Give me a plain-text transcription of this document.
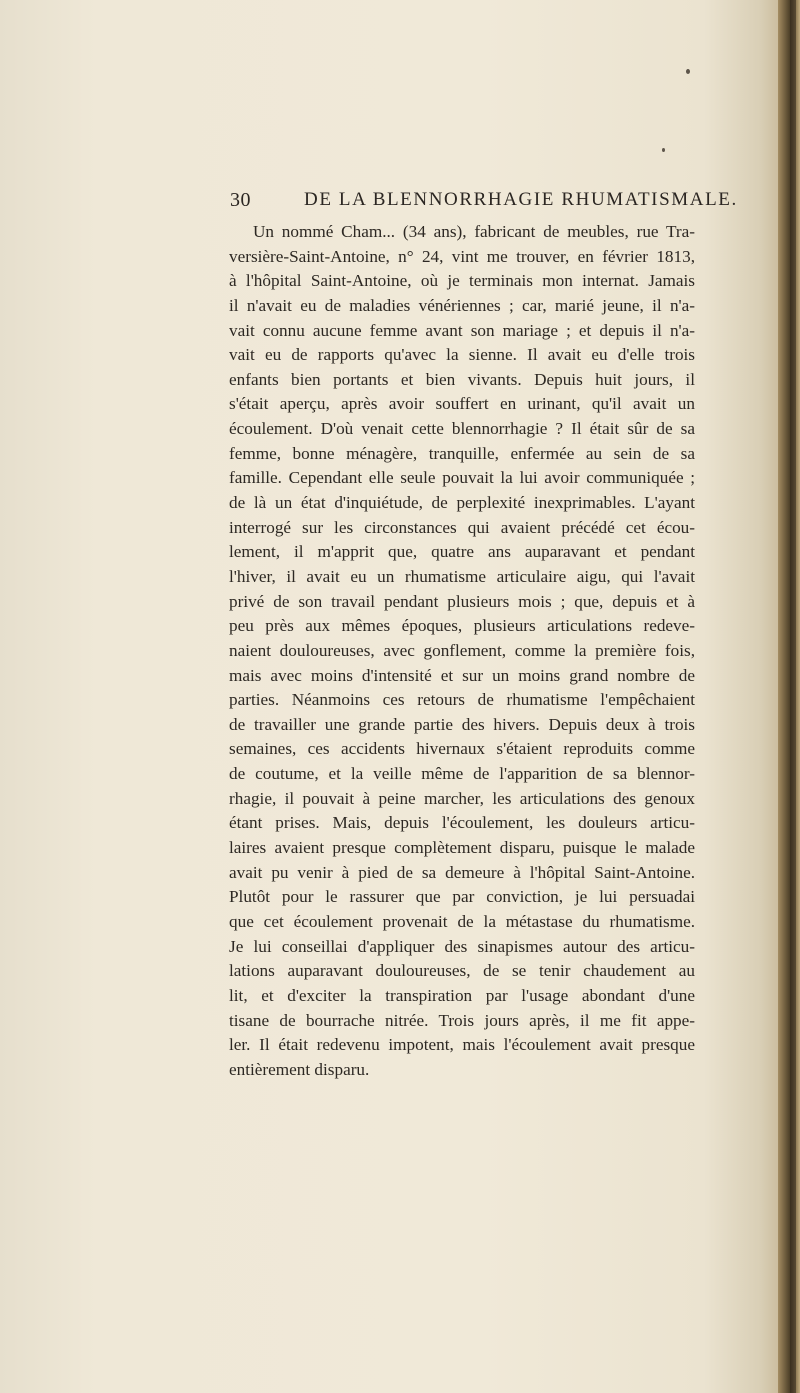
30	DE LA BLENNORRHAGIE RHUMATISMALE.
Un nommé Cham... (34 ans), fabricant de meubles, rue Tra-
versière-Saint-Antoine, n° 24, vint me trouver, en février 1813,
à l'hôpital Saint-Antoine, où je terminais mon internat. Jamais
il n'avait eu de maladies vénériennes ; car, marié jeune, il n'a-
vait connu aucune femme avant son mariage ; et depuis il n'a-
vait eu de rapports qu'avec la sienne. Il avait eu d'elle trois
enfants bien portants et bien vivants. Depuis huit jours, il
s'était aperçu, après avoir souffert en urinant, qu'il avait un
écoulement. D'où venait cette blennorrhagie ? Il était sûr de sa
femme, bonne ménagère, tranquille, enfermée au sein de sa
famille. Cependant elle seule pouvait la lui avoir communiquée ;
de là un état d'inquiétude, de perplexité inexprimables. L'ayant
interrogé sur les circonstances qui avaient précédé cet écou-
lement, il m'apprit que, quatre ans auparavant et pendant
l'hiver, il avait eu un rhumatisme articulaire aigu, qui l'avait
privé de son travail pendant plusieurs mois ; que, depuis et à
peu près aux mêmes époques, plusieurs articulations redeve-
naient douloureuses, avec gonflement, comme la première fois,
mais avec moins d'intensité et sur un moins grand nombre de
parties. Néanmoins ces retours de rhumatisme l'empêchaient
de travailler une grande partie des hivers. Depuis deux à trois
semaines, ces accidents hivernaux s'étaient reproduits comme
de coutume, et la veille même de l'apparition de sa blennor-
rhagie, il pouvait à peine marcher, les articulations des genoux
étant prises. Mais, depuis l'écoulement, les douleurs articu-
laires avaient presque complètement disparu, puisque le malade
avait pu venir à pied de sa demeure à l'hôpital Saint-Antoine.
Plutôt pour le rassurer que par conviction, je lui persuadai
que cet écoulement provenait de la métastase du rhumatisme.
Je lui conseillai d'appliquer des sinapismes autour des articu-
lations auparavant douloureuses, de se tenir chaudement au
lit, et d'exciter la transpiration par l'usage abondant d'une
tisane de bourrache nitrée. Trois jours après, il me fit appe-
ler. Il était redevenu impotent, mais l'écoulement avait presque
entièrement disparu.
